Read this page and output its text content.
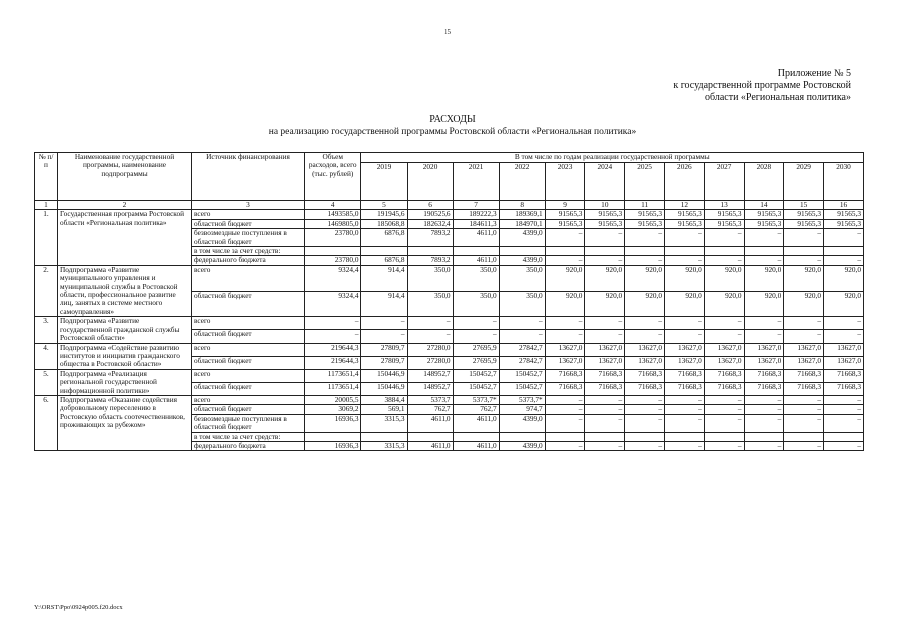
15
Приложение № 5
к государственной программе Ростовской
области «Региональная политика»
РАСХОДЫ
на реализацию государственной программы Ростовской области «Региональная политика»
№ п/п	Наименование государственной программы, наименование подпрограммы	Источник финансирования	Объем расходов, всего (тыс. рублей)	В том числе по годам реализации государственной программы											
				2019	2020	2021	2022	2023	2024	2025	2026	2027	2028	2029	2030
1	2	3	4	5	6	7	8	9	10	11	12	13	14	15	16
1.	Государственная программа Ростовской области «Региональная политика»	всего	1493585,0	191945,6	190525,6	189222,3	189369,1	91565,3	91565,3	91565,3	91565,3	91565,3	91565,3	91565,3	91565,3
		областной бюджет	1469805,0	185068,8	182632,4	184611,3	184970,1	91565,3	91565,3	91565,3	91565,3	91565,3	91565,3	91565,3	91565,3
		безвозмездные поступления в областной бюджет	23780,0	6876,8	7893,2	4611,0	4399,0	–	–	–	–	–	–	–	–
		в том числе за счет средств:													
		федерального бюджета	23780,0	6876,8	7893,2	4611,0	4399,0	–	–	–	–	–	–	–	–
2.	Подпрограмма «Развитие муниципального управления и муниципальной службы в Ростовской области, профессиональное развитие лиц, занятых в системе местного самоуправления»	всего	9324,4	914,4	350,0	350,0	350,0	920,0	920,0	920,0	920,0	920,0	920,0	920,0	920,0
		областной бюджет	9324,4	914,4	350,0	350,0	350,0	920,0	920,0	920,0	920,0	920,0	920,0	920,0	920,0
3.	Подпрограмма «Развитие государственной гражданской службы Ростовской области»	всего	–	–	–	–	–	–	–	–	–	–	–	–	–
		областной бюджет	–	–	–	–	–	–	–	–	–	–	–	–	–
4.	Подпрограмма «Содействие развитию институтов и инициатив гражданского общества в Ростовской области»	всего	219644,3	27809,7	27280,0	27695,9	27842,7	13627,0	13627,0	13627,0	13627,0	13627,0	13627,0	13627,0	13627,0
		областной бюджет	219644,3	27809,7	27280,0	27695,9	27842,7	13627,0	13627,0	13627,0	13627,0	13627,0	13627,0	13627,0	13627,0
5.	Подпрограмма «Реализация региональной государственной информационной политики»	всего	1173651,4	150446,9	148952,7	150452,7	150452,7	71668,3	71668,3	71668,3	71668,3	71668,3	71668,3	71668,3	71668,3
		областной бюджет	1173651,4	150446,9	148952,7	150452,7	150452,7	71668,3	71668,3	71668,3	71668,3	71668,3	71668,3	71668,3	71668,3
6.	Подпрограмма «Оказание содействия добровольному переселению в Ростовскую область соотечественников, проживающих за рубежом»	всего	20005,5	3884,4	5373,7	5373,7*	5373,7*	–	–	–	–	–	–	–	–
		областной бюджет	3069,2	569,1	762,7	762,7	974,7	–	–	–	–	–	–	–	–
		безвозмездные поступления в областной бюджет	16936,3	3315,3	4611,0	4611,0	4399,0	–	–	–	–	–	–	–	–
		в том числе за счет средств:													
		федерального бюджета	16936,3	3315,3	4611,0	4611,0	4399,0	–	–	–	–	–	–	–	–
Y:\ORST\Ppo\0924p005.f20.docx
